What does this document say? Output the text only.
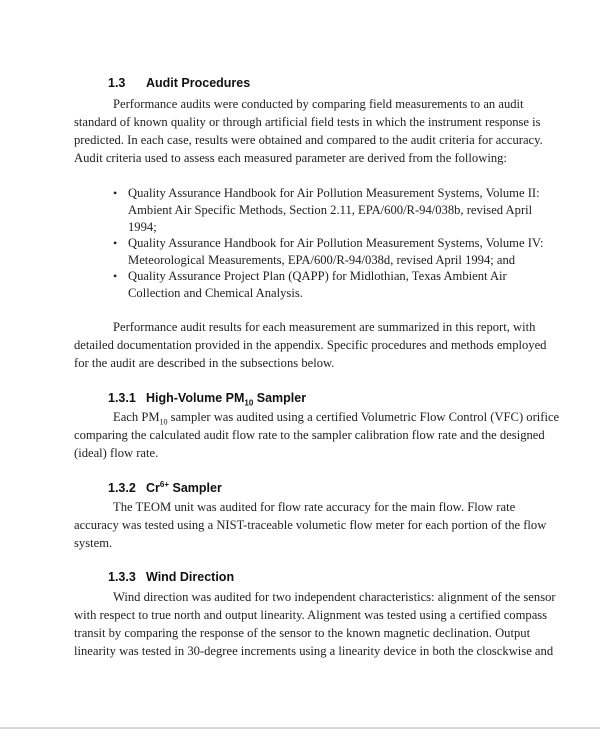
1.3 Audit Procedures
Performance audits were conducted by comparing field measurements to an audit
standard of known quality or through artificial field tests in which the instrument response is
predicted. In each case, results were obtained and compared to the audit criteria for accuracy.
Audit criteria used to assess each measured parameter are derived from the following:
• Quality Assurance Handbook for Air Pollution Measurement Systems, Volume II:
Ambient Air Specific Methods, Section 2.11, EPA/600/R-94/038b, revised April
1994;
• Quality Assurance Handbook for Air Pollution Measurement Systems, Volume IV:
Meteorological Measurements, EPA/600/R-94/038d, revised April 1994; and
• Quality Assurance Project Plan (QAPP) for Midlothian, Texas Ambient Air
Collection and Chemical Analysis.
Performance audit results for each measurement are summarized in this report, with
detailed documentation provided in the appendix. Specific procedures and methods employed
for the audit are described in the subsections below.
1.3.1 High-Volume $PM_{10}$ Sampler
Each $PM_{10}$ sampler was audited using a certified Volumetric Flow Control (VFC) orifice
comparing the calculated audit flow rate to the sampler calibration flow rate and the designed
(ideal) flow rate.
1.3.2 $Cr^{6+}$ Sampler
The TEOM unit was audited for flow rate accuracy for the main flow. Flow rate
accuracy was tested using a NIST-traceable volumetic flow meter for each portion of the flow
system.
1.3.3 Wind Direction
Wind direction was audited for two independent characteristics: alignment of the sensor
with respect to true north and output linearity. Alignment was tested using a certified compass
transit by comparing the response of the sensor to the known magnetic declination. Output
linearity was tested in 30-degree increments using a linearity device in both the closckwise and
